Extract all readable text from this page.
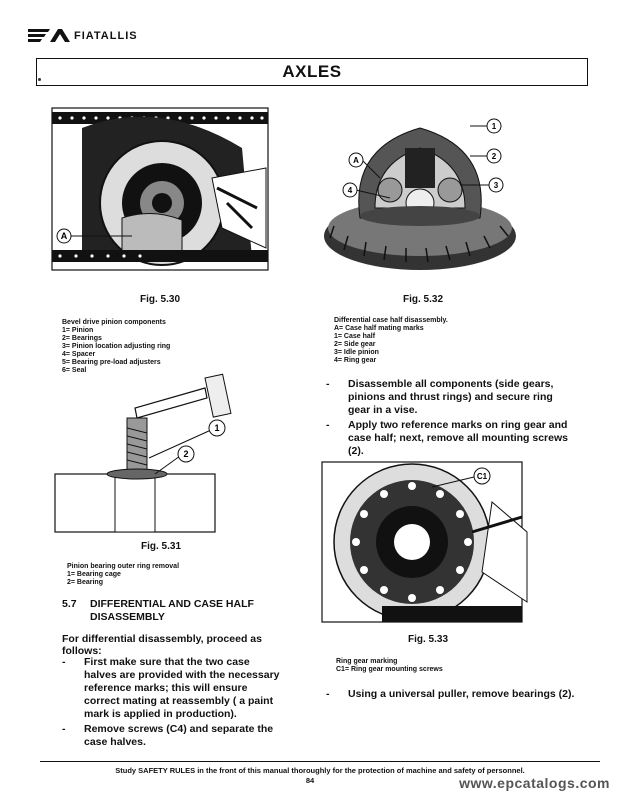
FIATALLIS
AXLES
A
Fig. 5.30
Bevel drive pinion components
1= Pinion
2= Bearings
3= Pinion location adjusting ring
4= Spacer
5= Bearing pre-load adjusters
6= Seal
1
2
3
4
A
Fig. 5.32
Differential case half disassembly.
A= Case half mating marks
1= Case half
2= Side gear
3= Idle pinion
4= Ring gear
-	Disassemble all components (side gears, pinions and thrust rings) and secure ring gear in a vise.
-	Apply two reference marks on ring gear and case half; next, remove all mounting screws (2).
1
2
Fig. 5.31
Pinion bearing outer ring removal
1= Bearing cage
2= Bearing
C1
Fig. 5.33
Ring gear marking
C1= Ring gear mounting screws
5.7	DIFFERENTIAL AND CASE HALF
DISASSEMBLY
For differential disassembly, proceed as follows:
-	First make sure that the two case halves are provided with the necessary reference marks; this will ensure correct mating at reassembly ( a paint mark is applied in production).
-	Remove screws (C4) and separate the case halves.
-	Using a universal puller, remove bearings (2).
Study SAFETY RULES in the front of this manual thoroughly for the protection of machine and safety of personnel.
84	www.epcatalogs.com
